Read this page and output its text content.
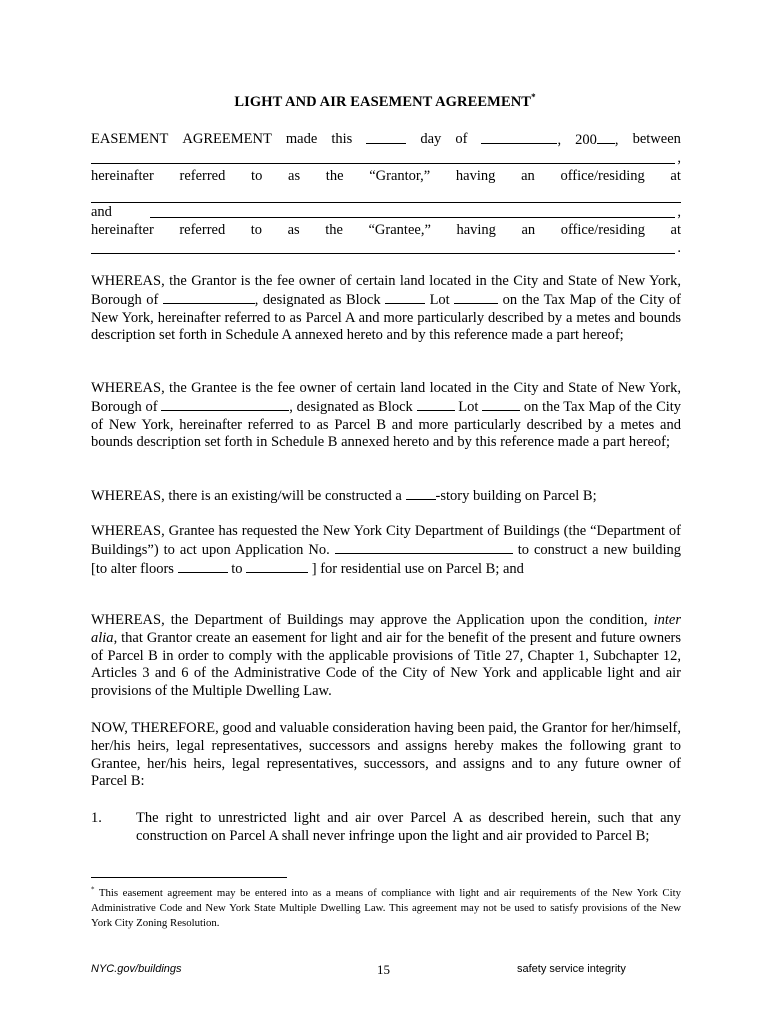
LIGHT AND AIR EASEMENT AGREEMENT*
EASEMENT AGREEMENT made this	day of	, 200 , between
,
hereinafter referred to as the “Grantor,” having an office/residing at
and	,
hereinafter referred to as the “Grantee,” having an office/residing at
.

WHEREAS, the Grantor is the fee owner of certain land located in the City and State of New York, Borough of	, designated as Block	Lot	on the Tax Map of the City of New York, hereinafter referred to as Parcel A and more particularly described by a metes and bounds description set forth in Schedule A annexed hereto and by this reference made a part hereof;

WHEREAS, the Grantee is the fee owner of certain land located in the City and State of New York, Borough of	, designated as Block	Lot	on the Tax Map of the City of New York, hereinafter referred to as Parcel B and more particularly described by a metes and bounds description set forth in Schedule B annexed hereto and by this reference made a part hereof;

WHEREAS, there is an existing/will be constructed a -story building on Parcel B;

WHEREAS, Grantee has requested the New York City Department of Buildings (the “Department of Buildings”) to act upon Application No.	to construct a new building [to alter floors	to	] for residential use on Parcel B; and

WHEREAS, the Department of Buildings may approve the Application upon the condition, inter alia, that Grantor create an easement for light and air for the benefit of the present and future owners of Parcel B in order to comply with the applicable provisions of Title 27, Chapter 1, Subchapter 12, Articles 3 and 6 of the Administrative Code of the City of New York and applicable light and air provisions of the Multiple Dwelling Law.

NOW, THEREFORE, good and valuable consideration having been paid, the Grantor for her/himself, her/his heirs, legal representatives, successors and assigns hereby makes the following grant to Grantee, her/his heirs, legal representatives, successors, and assigns and to any future owner of Parcel B:

1.	The right to unrestricted light and air over Parcel A as described herein, such that any construction on Parcel A shall never infringe upon the light and air provided to Parcel B;
* This easement agreement may be entered into as a means of compliance with light and air requirements of the New York City Administrative Code and New York State Multiple Dwelling Law. This agreement may not be used to satisfy provisions of the New York City Zoning Resolution.
NYC.gov/buildings	15	safety service integrity
